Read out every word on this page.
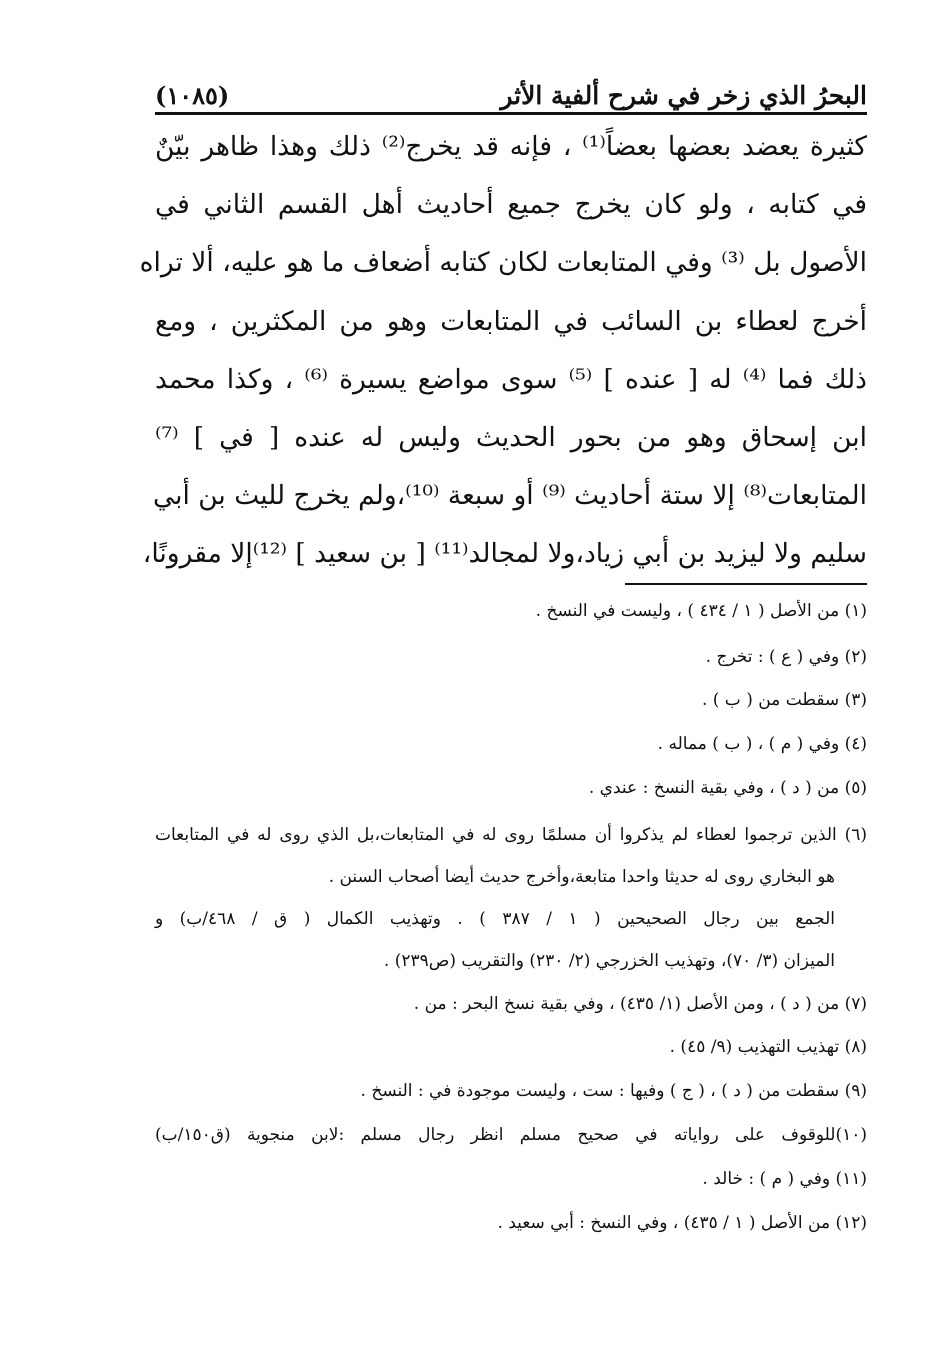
البحرُ الذي زخر في شرح ألفية الأثر
(١٠٨٥)
كثيرة يعضد بعضها بعضاً⁽¹⁾ ، فإنه قد يخرج⁽²⁾ ذلك وهذا ظاهر بيّنٌ
في كتابه ، ولو كان يخرج جميع أحاديث أهل القسم الثاني في
الأصول بل ⁽³⁾ وفي المتابعات لكان كتابه أضعاف ما هو عليه، ألا تراه
أخرج لعطاء بن السائب في المتابعات وهو من المكثرين ، ومع
ذلك فما ⁽⁴⁾ له [ عنده ] ⁽⁵⁾ سوى مواضع يسيرة ⁽⁶⁾ ، وكذا محمد
ابن إسحاق وهو من بحور الحديث وليس له عنده [ في ] ⁽⁷⁾
المتابعات⁽⁸⁾ إلا ستة أحاديث ⁽⁹⁾ أو سبعة ⁽¹⁰⁾،ولم يخرج لليث بن أبي
سليم ولا ليزيد بن أبي زياد،ولا لمجالد⁽¹¹⁾ [ بن سعيد ] ⁽¹²⁾إلا مقرونًا،
(١) من الأصل ( ١ / ٤٣٤ ) ، وليست في النسخ .
(٢) وفي ( ع ) : تخرج .
(٣) سقطت من ( ب ) .
(٤) وفي ( م ) ، ( ب ) مماله .
(٥) من ( د ) ، وفي بقية النسخ : عندي .
(٦) الذين ترجموا لعطاء لم يذكروا أن مسلمًا روى له في المتابعات،بل الذي روى له في المتابعات
هو البخاري روى له حديثا واحدا متابعة،وأخرج حديث أيضا أصحاب السنن .
الجمع بين رجال الصحيحين ( ١ / ٣٨٧ ) . وتهذيب الكمال ( ق / ٤٦٨/ب) و
الميزان (٣/ ٧٠)، وتهذيب الخزرجي (٢/ ٢٣٠) والتقريب (ص٢٣٩) .
(٧) من ( د ) ، ومن الأصل (١/ ٤٣٥) ، وفي بقية نسخ البحر : من .
(٨) تهذيب التهذيب (٩/ ٤٥) .
(٩) سقطت من ( د ) ، ( ج ) وفيها : ست ، وليست موجودة في : النسخ .
(١٠)للوقوف على رواياته في صحيح مسلم انظر رجال مسلم :لابن منجوية (ق١٥٠/ب)
(١١) وفي ( م ) : خالد .
(١٢) من الأصل ( ١ / ٤٣٥) ، وفي النسخ : أبي سعيد .
